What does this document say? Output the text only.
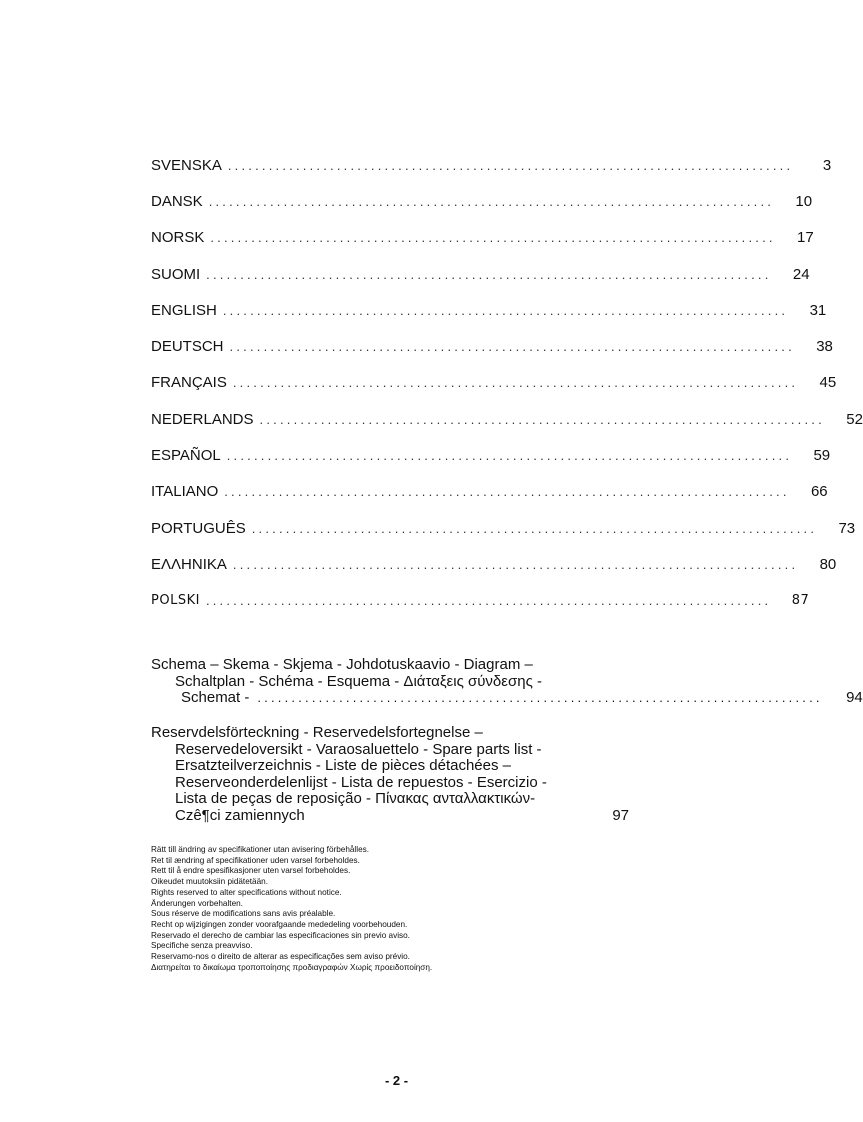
SVENSKA ...................................................................................	3
DANSK ...................................................................................	10
NORSK ...................................................................................	17
SUOMI ...................................................................................	24
ENGLISH ...................................................................................	31
DEUTSCH ...................................................................................	38
FRANÇAIS ...................................................................................	45
NEDERLANDS ...................................................................................	52
ESPAÑOL ...................................................................................	59
ITALIANO ...................................................................................	66
PORTUGUÊS ...................................................................................	73
ΕΛΛΗΝΙΚΑ ...................................................................................	80
POLSKI ...................................................................................	87
Schema – Skema - Skjema - Johdotuskaavio - Diagram –
Schaltplan - Schéma - Esquema - Διάταξεις σύνδεσης -
Schemat - ...................................................................................	94
Reservdelsförteckning - Reservedelsfortegnelse –
Reservedeloversikt - Varaosaluettelo - Spare parts list -
Ersatzteilverzeichnis - Liste de pièces détachées –
Reserveonderdelenlijst - Lista de repuestos - Esercizio -
Lista de peças de reposição - Πίνακας ανταλλακτικών-
Czê¶ci zamiennych	97
Rätt till ändring av specifikationer utan avisering förbehålles.
Ret til ændring af specifikationer uden varsel forbeholdes.
Rett til å endre spesifikasjoner uten varsel forbeholdes.
Oikeudet muutoksiin pidätetään.
Rights reserved to alter specifications without notice.
Änderungen vorbehalten.
Sous réserve de modifications sans avis préalable.
Recht op wijzigingen zonder voorafgaande mededeling voorbehouden.
Reservado el derecho de cambiar las especificaciones sin previo aviso.
Specifiche senza preavviso.
Reservamo-nos o direito de alterar as especificações sem aviso prévio.
Διατηρείται το δικαίωμα τροποποίησης προδιαγραφών Χωρίς προειδοποίηση.
- 2 -
